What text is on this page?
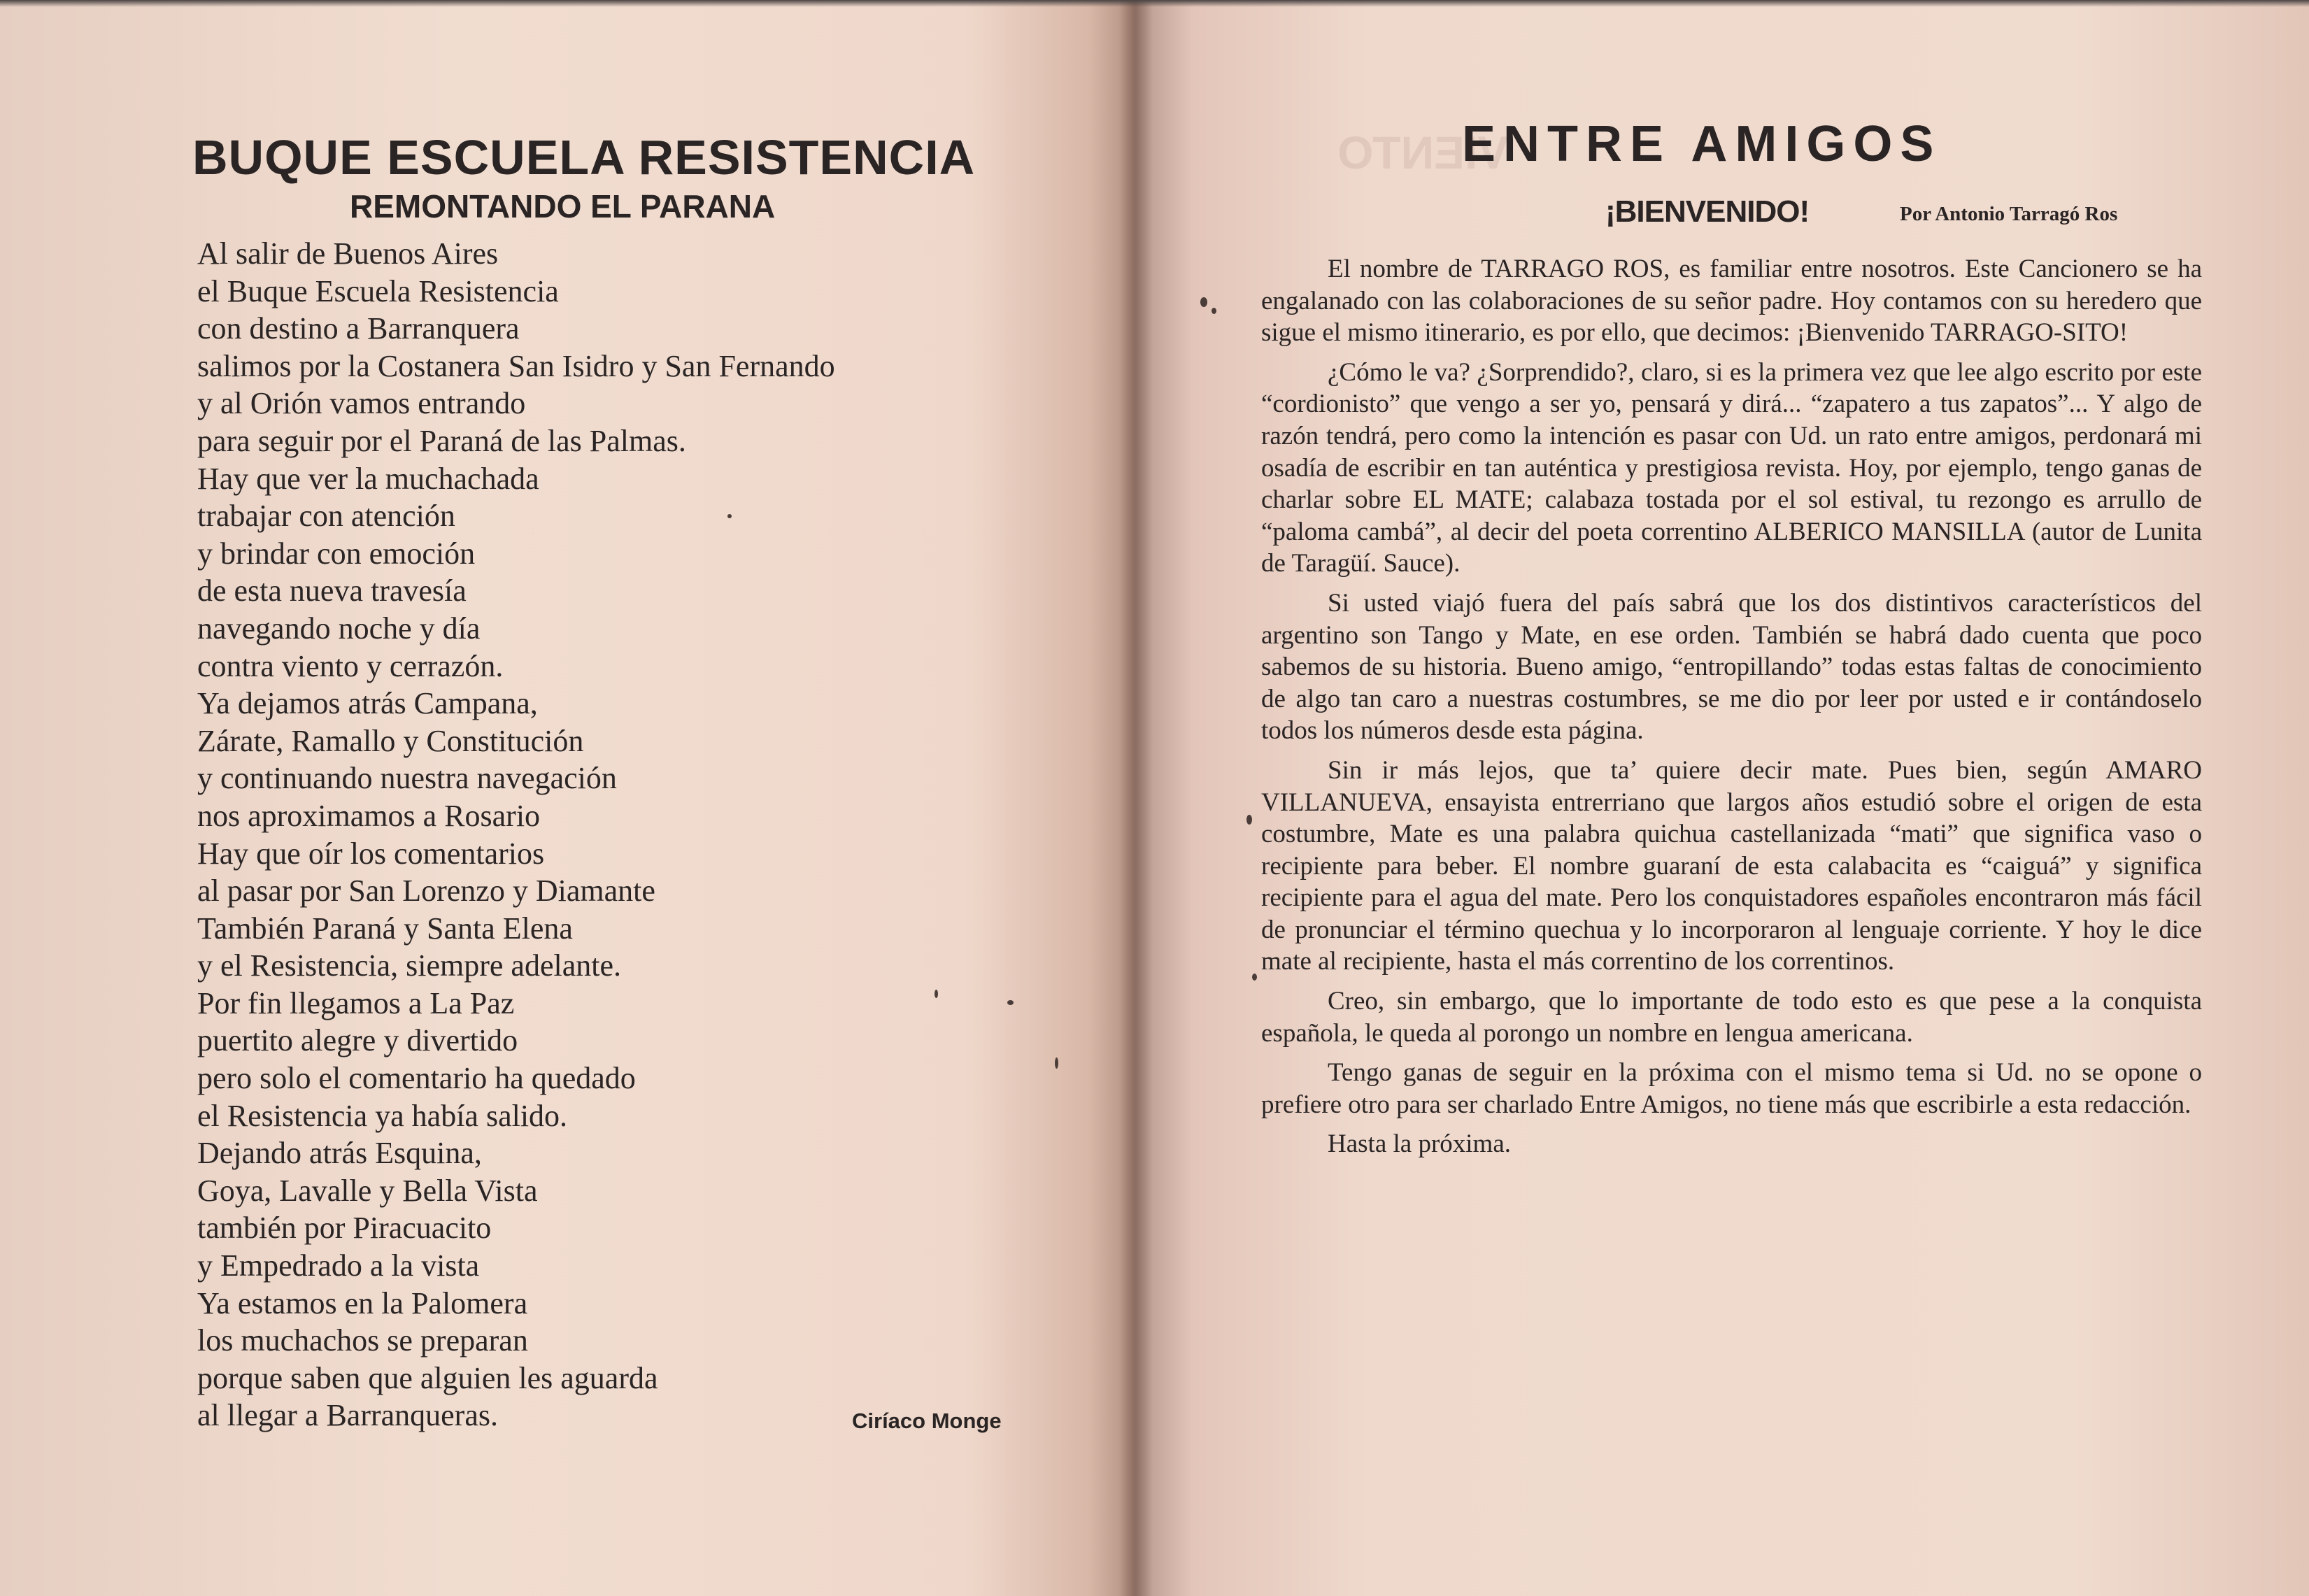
BUQUE ESCUELA RESISTENCIA
REMONTANDO EL PARANA
Al salir de Buenos Aires
el Buque Escuela Resistencia
con destino a Barranquera
salimos por la Costanera San Isidro y San Fernando
y al Orión vamos entrando
para seguir por el Paraná de las Palmas.
Hay que ver la muchachada
trabajar con atención
y brindar con emoción
de esta nueva travesía
navegando noche y día
contra viento y cerrazón.
Ya dejamos atrás Campana,
Zárate, Ramallo y Constitución
y continuando nuestra navegación
nos aproximamos a Rosario
Hay que oír los comentarios
al pasar por San Lorenzo y Diamante
También Paraná y Santa Elena
y el Resistencia, siempre adelante.
Por fin llegamos a La Paz
puertito alegre y divertido
pero solo el comentario ha quedado
el Resistencia ya había salido.
Dejando atrás Esquina,
Goya, Lavalle y Bella Vista
también por Piracuacito
y Empedrado a la vista
Ya estamos en la Palomera
los muchachos se preparan
porque saben que alguien les aguarda
al llegar a Barranqueras.	Ciríaco Monge
VIENTO
ENTRE AMIGOS
¡BIENVENIDO!	Por Antonio Tarragó Ros

El nombre de TARRAGO ROS, es familiar entre nosotros. Este Cancionero se ha engalanado con las colaboraciones de su señor padre. Hoy contamos con su heredero que sigue el mismo itinerario, es por ello, que decimos: ¡Bienvenido TARRAGO-SITO!

¿Cómo le va? ¿Sorprendido?, claro, si es la primera vez que lee algo escrito por este “cordionisto” que vengo a ser yo, pensará y dirá... “zapatero a tus zapatos”... Y algo de razón tendrá, pero como la intención es pasar con Ud. un rato entre amigos, perdonará mi osadía de escribir en tan auténtica y prestigiosa revista. Hoy, por ejemplo, tengo ganas de charlar sobre EL MATE; calabaza tostada por el sol estival, tu rezongo es arrullo de “paloma cambá”, al decir del poeta correntino ALBERICO MANSILLA (autor de Lunita de Taragüí. Sauce).

Si usted viajó fuera del país sabrá que los dos distintivos característicos del argentino son Tango y Mate, en ese orden. También se habrá dado cuenta que poco sabemos de su historia. Bueno amigo, “entropillando” todas estas faltas de conocimiento de algo tan caro a nuestras costumbres, se me dio por leer por usted e ir contándoselo todos los números desde esta página.

Sin ir más lejos, que ta’ quiere decir mate. Pues bien, según AMARO VILLANUEVA, ensayista entrerriano que largos años estudió sobre el origen de esta costumbre, Mate es una palabra quichua castellanizada “mati” que significa vaso o recipiente para beber. El nombre guaraní de esta calabacita es “caiguá” y significa recipiente para el agua del mate. Pero los conquistadores españoles encontraron más fácil de pronunciar el término quechua y lo incorporaron al lenguaje corriente. Y hoy le dice mate al recipiente, hasta el más correntino de los correntinos.

Creo, sin embargo, que lo importante de todo esto es que pese a la conquista española, le queda al porongo un nombre en lengua americana.

Tengo ganas de seguir en la próxima con el mismo tema si Ud. no se opone o prefiere otro para ser charlado Entre Amigos, no tiene más que escribirle a esta redacción.

Hasta la próxima.
